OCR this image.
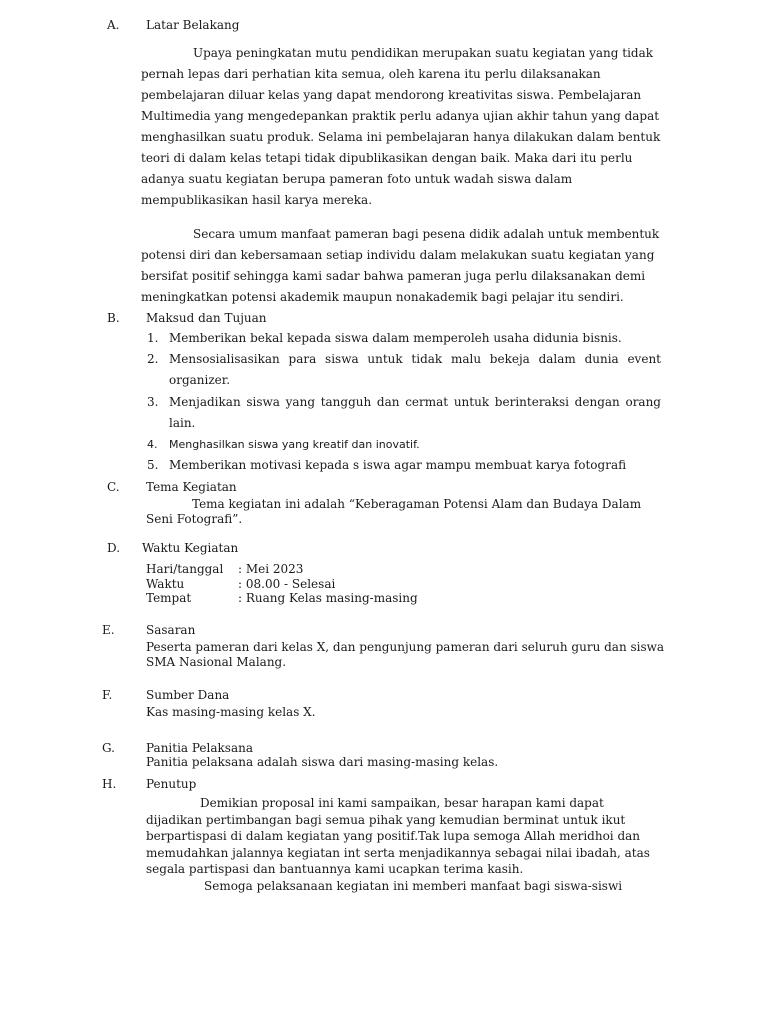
A. Latar Belakang
Upaya peningkatan mutu pendidikan merupakan suatu kegiatan yang tidak
pernah lepas dari perhatian kita semua, oleh karena itu perlu dilaksanakan
pembelajaran diluar kelas yang dapat mendorong kreativitas siswa. Pembelajaran
Multimedia yang mengedepankan praktik perlu adanya ujian akhir tahun yang dapat
menghasilkan suatu produk. Selama ini pembelajaran hanya dilakukan dalam bentuk
teori di dalam kelas tetapi tidak dipublikasikan dengan baik. Maka dari itu perlu
adanya suatu kegiatan berupa pameran foto untuk wadah siswa dalam
mempublikasikan hasil karya mereka.
Secara umum manfaat pameran bagi pesena didik adalah untuk membentuk
potensi diri dan kebersamaan setiap individu dalam melakukan suatu kegiatan yang
bersifat positif sehingga kami sadar bahwa pameran juga perlu dilaksanakan demi
meningkatkan potensi akademik maupun nonakademik bagi pelajar itu sendiri.
B. Maksud dan Tujuan
1. Memberikan bekal kepada siswa dalam memperoleh usaha didunia bisnis.
2. Mensosialisasikan para siswa untuk tidak malu bekeja dalam dunia event
organizer.
3. Menjadikan siswa yang tangguh dan cermat untuk berinteraksi dengan orang
lain.
4.	Menghasilkan siswa yang kreatif dan inovatif.
5. Memberikan motivasi kepada s iswa agar mampu membuat karya fotografi
C. Tema Kegiatan
Tema kegiatan ini adalah “Keberagaman Potensi Alam dan Budaya Dalam
Seni Fotografi”.
D. Waktu Kegiatan
Hari/tanggal : Mei 2023
Waktu	: 08.00 - Selesai
Tempat	: Ruang Kelas masing-masing
E.	Sasaran
Peserta pameran dari kelas X, dan pengunjung pameran dari seluruh guru dan siswa
SMA Nasional Malang.
F.	Sumber Dana
Kas masing-masing kelas X.
G.	Panitia Pelaksana
Panitia pelaksana adalah siswa dari masing-masing kelas.
H. Penutup
Demikian proposal ini kami sampaikan, besar harapan kami dapat
dijadikan pertimbangan bagi semua pihak yang kemudian berminat untuk ikut
berpartispasi di dalam kegiatan yang positif.Tak lupa semoga Allah meridhoi dan
memudahkan jalannya kegiatan int serta menjadikannya sebagai nilai ibadah, atas
segala partispasi dan bantuannya kami ucapkan terima kasih.
Semoga pelaksanaan kegiatan ini memberi manfaat bagi siswa-siswi
